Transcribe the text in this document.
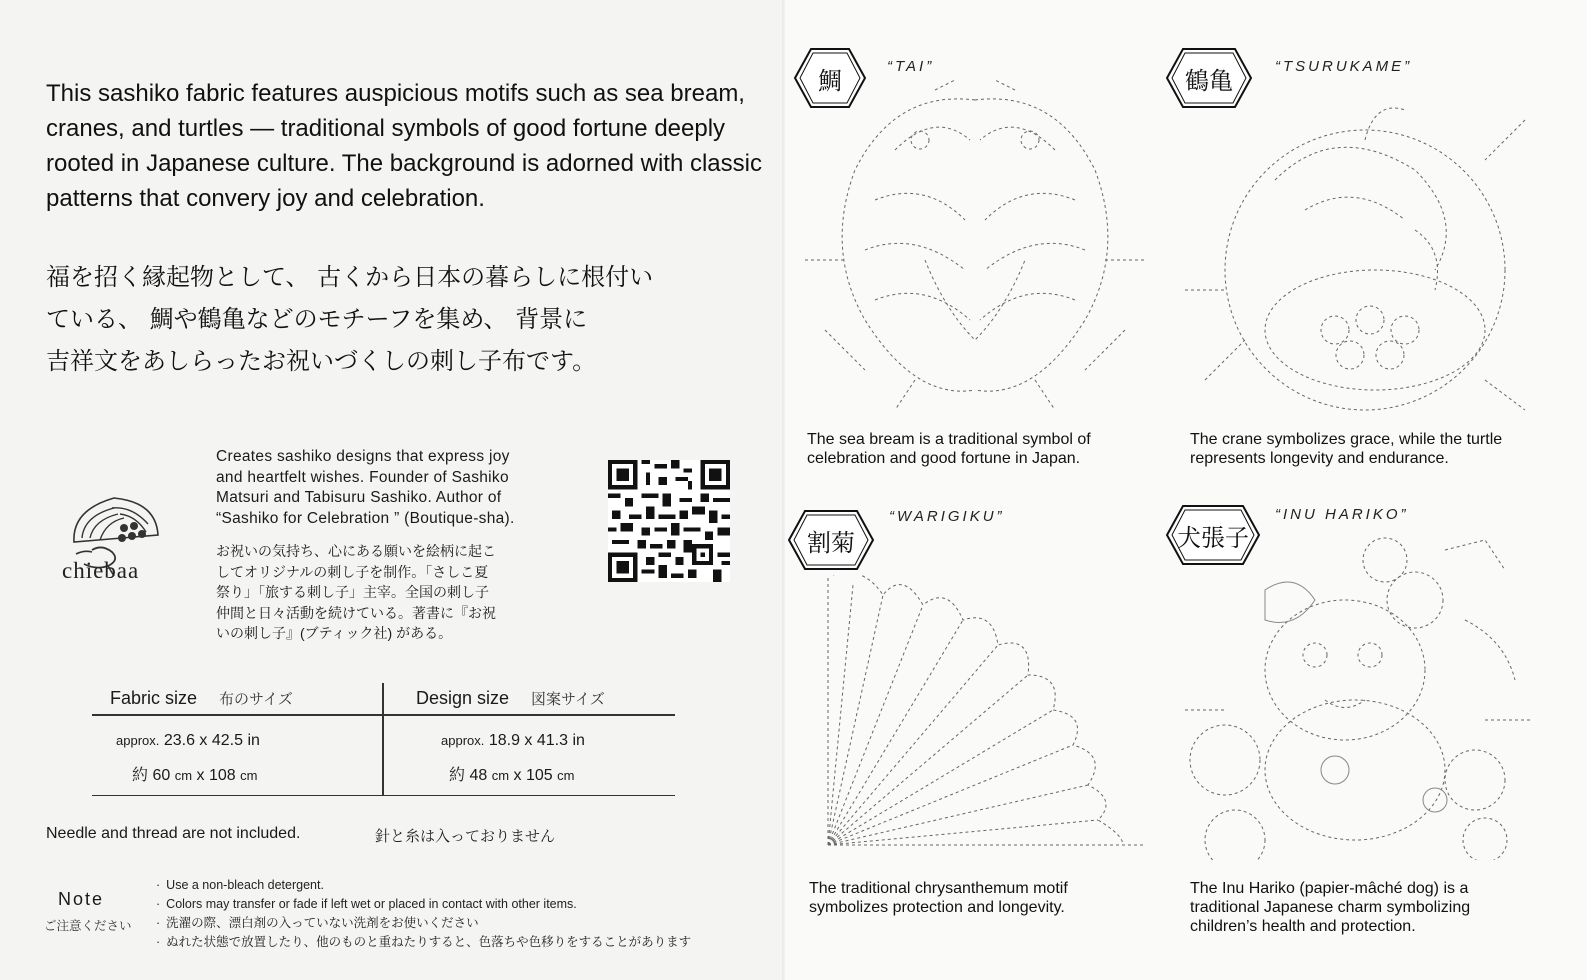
This sashiko fabric features auspicious motifs such as sea bream, cranes, and turtles — traditional symbols of good fortune deeply rooted in Japanese culture. The background is adorned with classic patterns that convery joy and celebration.
福を招く縁起物として、 古くから日本の暮らしに根付い
ている、 鯛や鶴亀などのモチーフを集め、 背景に
吉祥文をあしらったお祝いづくしの刺し子布です。
chiebaa
Creates sashiko designs that express joy
and heartfelt wishes. Founder of Sashiko
Matsuri and Tabisuru Sashiko. Author of
“Sashiko for Celebration ” (Boutique-sha).
お祝いの気持ち、心にある願いを絵柄に起こ
してオリジナルの刺し子を制作。「さしこ夏
祭り」「旅する刺し子」主宰。全国の刺し子
仲間と日々活動を続けている。著書に『お祝
いの刺し子』(ブティック社) がある。
Fabric size 布のサイズ	Design size 図案サイズ
approx. 23.6 x 42.5 in	approx. 18.9 x 41.3 in
約 60 cm x 108 cm	約 48 cm x 105 cm
Needle and thread are not included.	針と糸は入っておりません
Note
ご注意ください
· Use a non-bleach detergent.
· Colors may transfer or fade if left wet or placed in contact with other items.
· 洗濯の際、漂白剤の入っていない洗剤をお使いください
· ぬれた状態で放置したり、他のものと重ねたりすると、色落ちや色移りをすることがあります
鯛	“TAI”
The sea bream is a traditional symbol of celebration and good fortune in Japan.
鶴亀	“TSURUKAME”
The crane symbolizes grace, while the turtle represents longevity and endurance.
割菊
“WARIGIKU”
The traditional chrysanthemum motif symbolizes protection and longevity.
犬張子
“INU HARIKO”
The Inu Hariko (papier-mâché dog) is a traditional Japanese charm symbolizing children’s health and protection.
